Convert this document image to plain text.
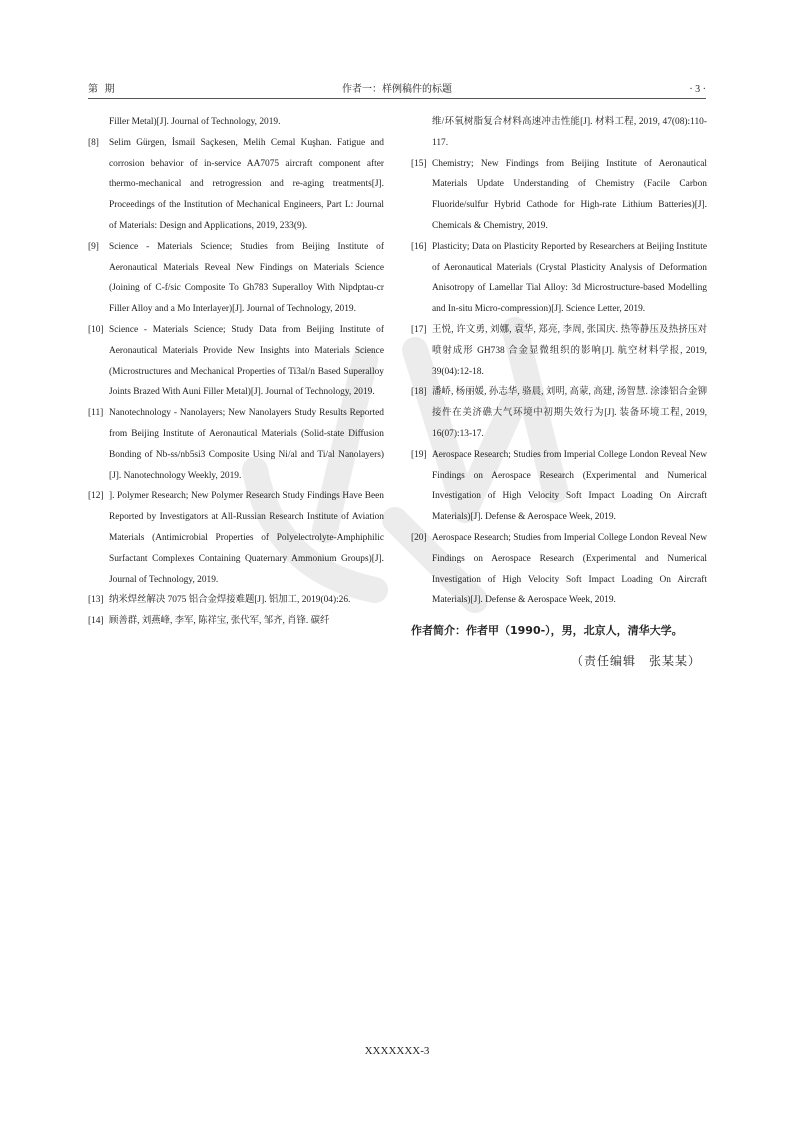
第 期	作者一：样例稿件的标题	· 3 ·
Filler Metal)[J]. Journal of Technology, 2019.
[8] Selim Gürgen, İsmail Saçkesen, Melih Cemal Kuşhan. Fatigue and corrosion behavior of in-service AA7075 aircraft component after thermo-mechanical and retrogression and re-aging treatments[J]. Proceedings of the Institution of Mechanical Engineers, Part L: Journal of Materials: Design and Applications, 2019, 233(9).
[9] Science - Materials Science; Studies from Beijing Institute of Aeronautical Materials Reveal New Findings on Materials Science (Joining of C-f/sic Composite To Gh783 Superalloy With Nipdptau-cr Filler Alloy and a Mo Interlayer)[J]. Journal of Technology, 2019.
[10] Science - Materials Science; Study Data from Beijing Institute of Aeronautical Materials Provide New Insights into Materials Science (Microstructures and Mechanical Properties of Ti3al/n Based Superalloy Joints Brazed With Auni Filler Metal)[J]. Journal of Technology, 2019.
[11] Nanotechnology - Nanolayers; New Nanolayers Study Results Reported from Beijing Institute of Aeronautical Materials (Solid-state Diffusion Bonding of Nb-ss/nb5si3 Composite Using Ni/al and Ti/al Nanolayers)[J]. Nanotechnology Weekly, 2019.
[12] ]. Polymer Research; New Polymer Research Study Findings Have Been Reported by Investigators at All-Russian Research Institute of Aviation Materials (Antimicrobial Properties of Polyelectrolyte-Amphiphilic Surfactant Complexes Containing Quaternary Ammonium Groups)[J]. Journal of Technology, 2019.
[13] 纳米焊丝解决 7075 铝合金焊接难题[J]. 铝加工, 2019(04):26.
[14] 顾善群, 刘燕峰, 李军, 陈祥宝, 张代军, 邹齐, 肖锋. 碳纤
维/环氧树脂复合材料高速冲击性能[J]. 材料工程, 2019, 47(08):110-117.
[15] Chemistry; New Findings from Beijing Institute of Aeronautical Materials Update Understanding of Chemistry (Facile Carbon Fluoride/sulfur Hybrid Cathode for High-rate Lithium Batteries)[J]. Chemicals & Chemistry, 2019.
[16] Plasticity; Data on Plasticity Reported by Researchers at Beijing Institute of Aeronautical Materials (Crystal Plasticity Analysis of Deformation Anisotropy of Lamellar Tial Alloy: 3d Microstructure-based Modelling and In-situ Micro-compression)[J]. Science Letter, 2019.
[17] 王悦, 许文勇, 刘娜, 袁华, 郑亮, 李周, 张国庆. 热等静压及热挤压对喷射成形 GH738 合金显微组织的影响[J]. 航空材料学报, 2019, 39(04):12-18.
[18] 潘峤, 杨丽媛, 孙志华, 骆晨, 刘明, 高蒙, 高建, 汤智慧. 涂漆铝合金铆接件在美济礁大气环境中初期失效行为[J]. 装备环境工程, 2019, 16(07):13-17.
[19] Aerospace Research; Studies from Imperial College London Reveal New Findings on Aerospace Research (Experimental and Numerical Investigation of High Velocity Soft Impact Loading On Aircraft Materials)[J]. Defense & Aerospace Week, 2019.
[20] Aerospace Research; Studies from Imperial College London Reveal New Findings on Aerospace Research (Experimental and Numerical Investigation of High Velocity Soft Impact Loading On Aircraft Materials)[J]. Defense & Aerospace Week, 2019.
作者简介：作者甲（1990-），男，北京人，清华大学。
（责任编辑　张某某）
XXXXXXX-3
